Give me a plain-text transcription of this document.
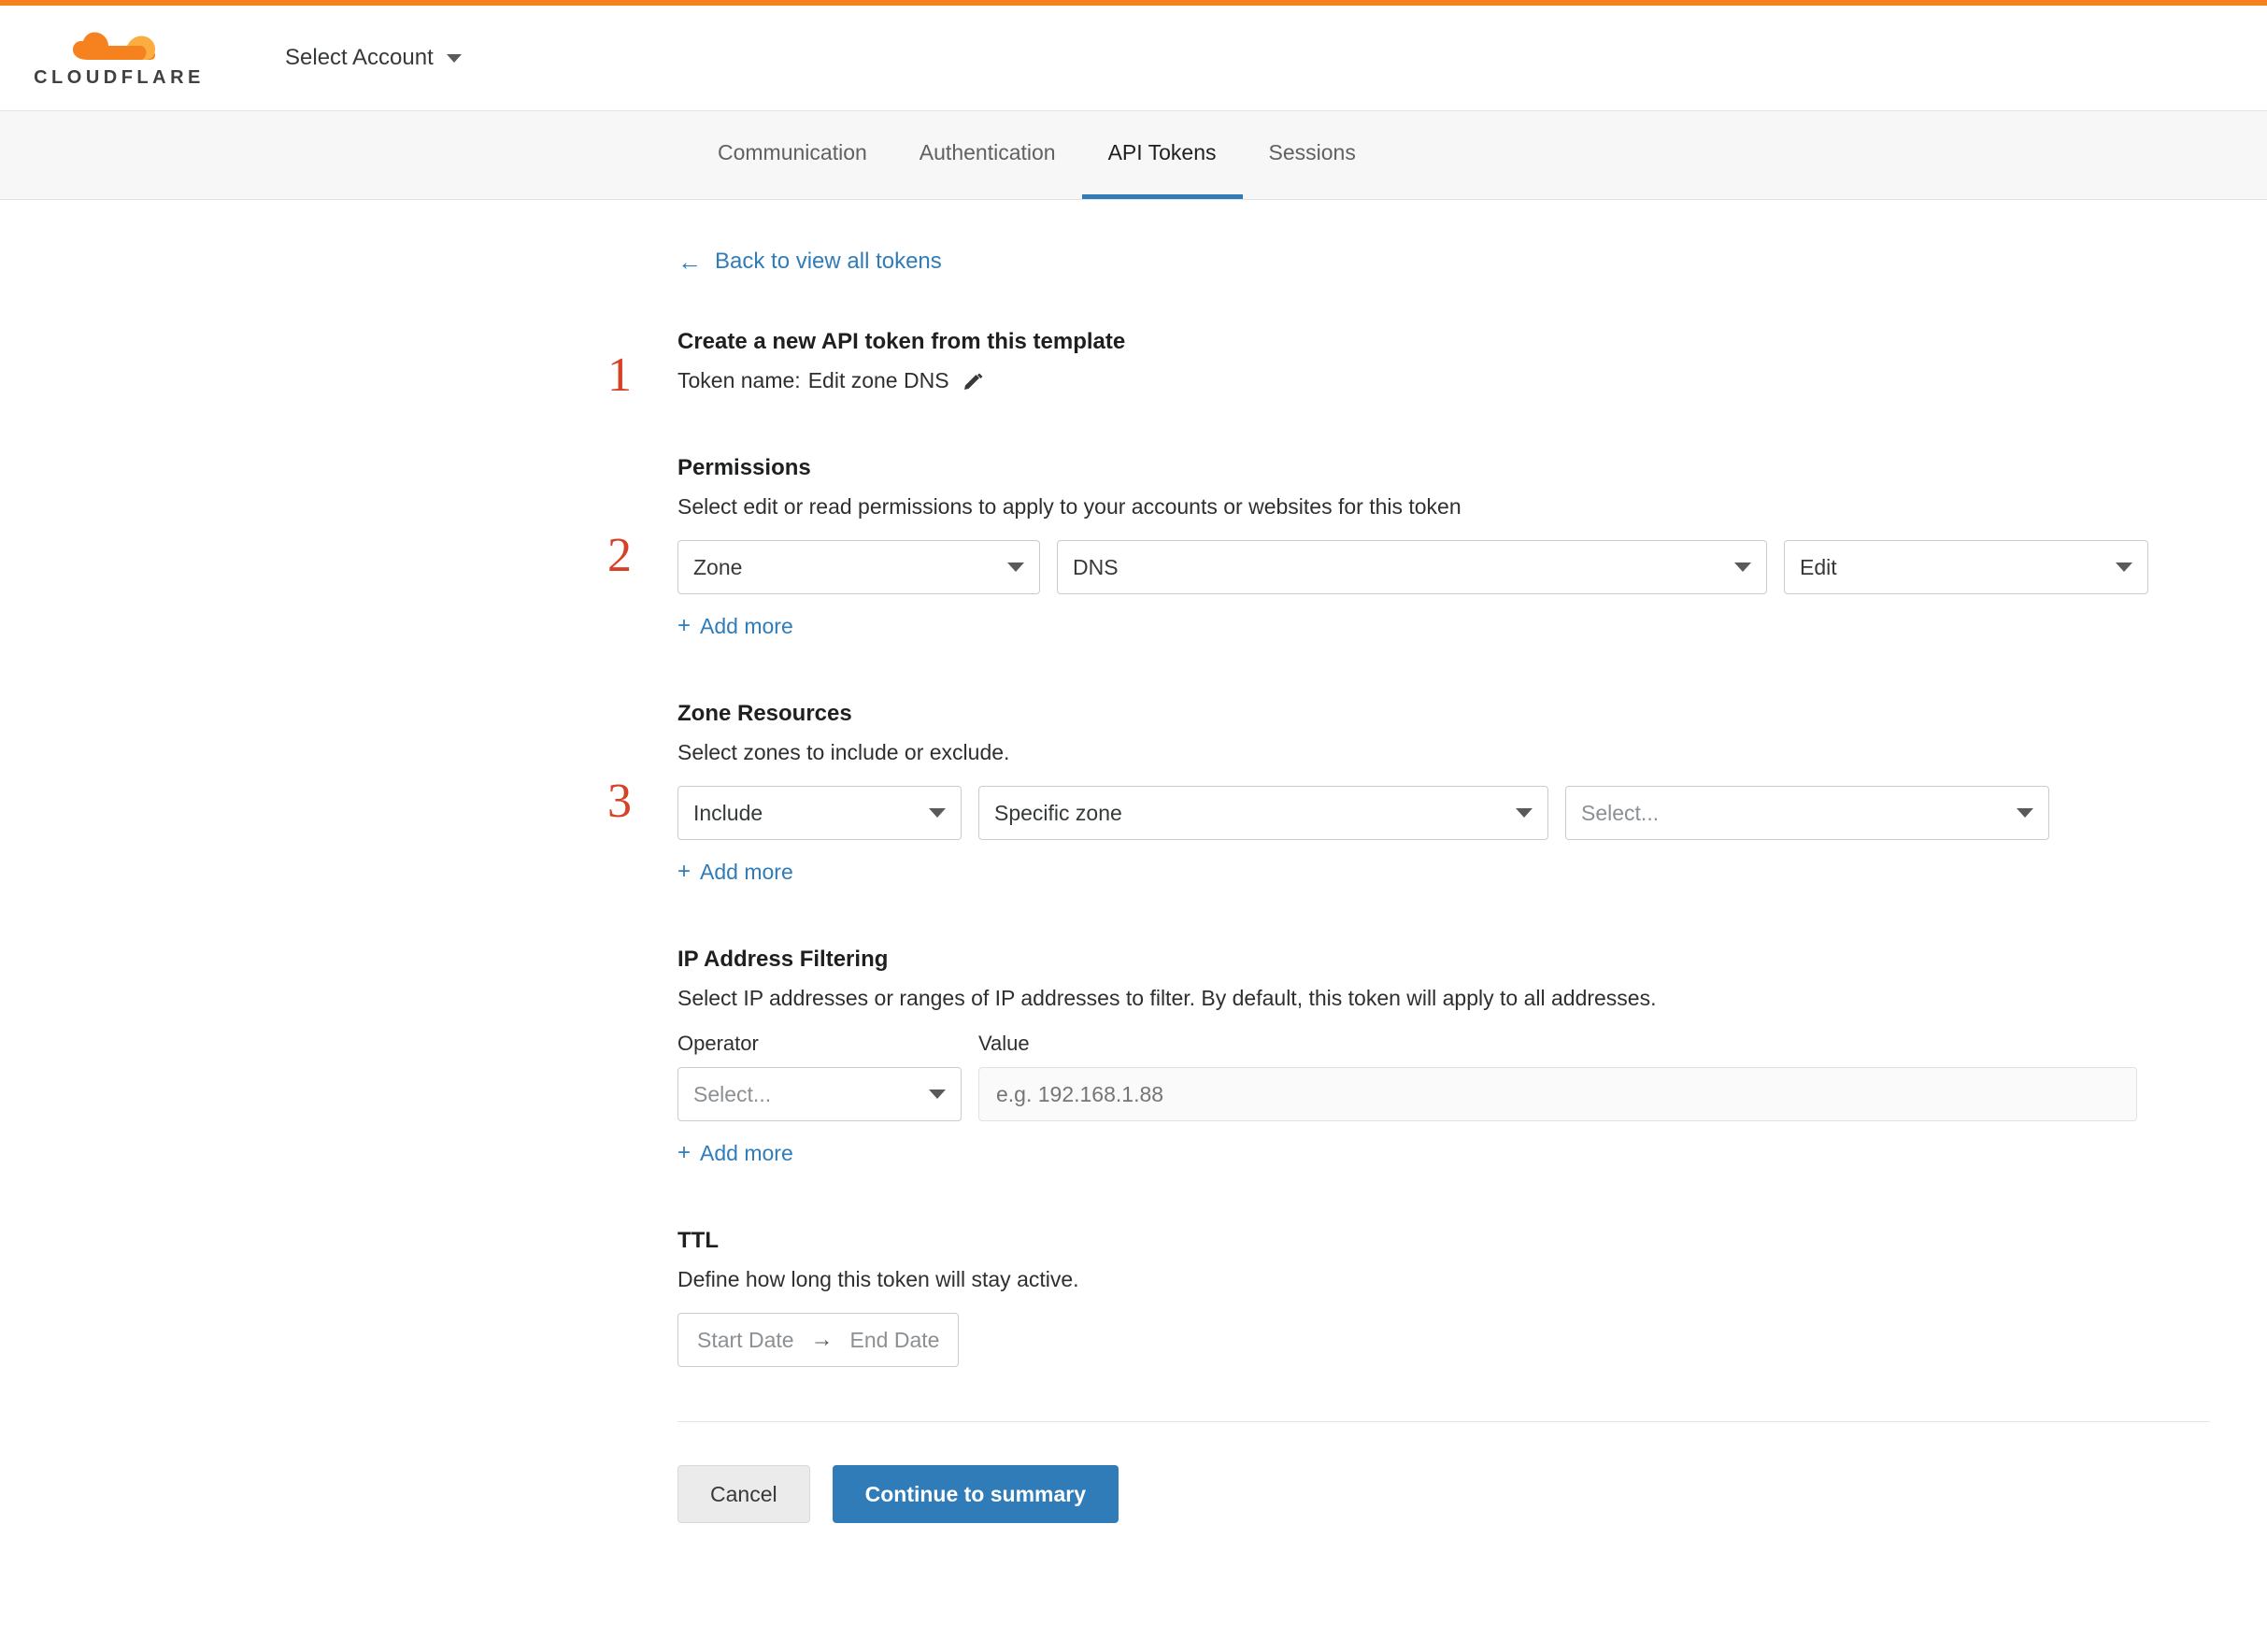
CLOUDFLARE
Select Account
Communication Authentication API Tokens Sessions
← Back to view all tokens
1
Create a new API token from this template
Token name: Edit zone DNS
2
Permissions
Select edit or read permissions to apply to your accounts or websites for this token
Zone	DNS	Edit
+ Add more
3
Zone Resources
Select zones to include or exclude.
Include	Specific zone	Select...
+ Add more
IP Address Filtering
Select IP addresses or ranges of IP addresses to filter. By default, this token will apply to all addresses.
Operator
Select...
Value
e.g. 192.168.1.88
+ Add more
TTL
Define how long this token will stay active.
Start Date → End Date
Cancel	Continue to summary
